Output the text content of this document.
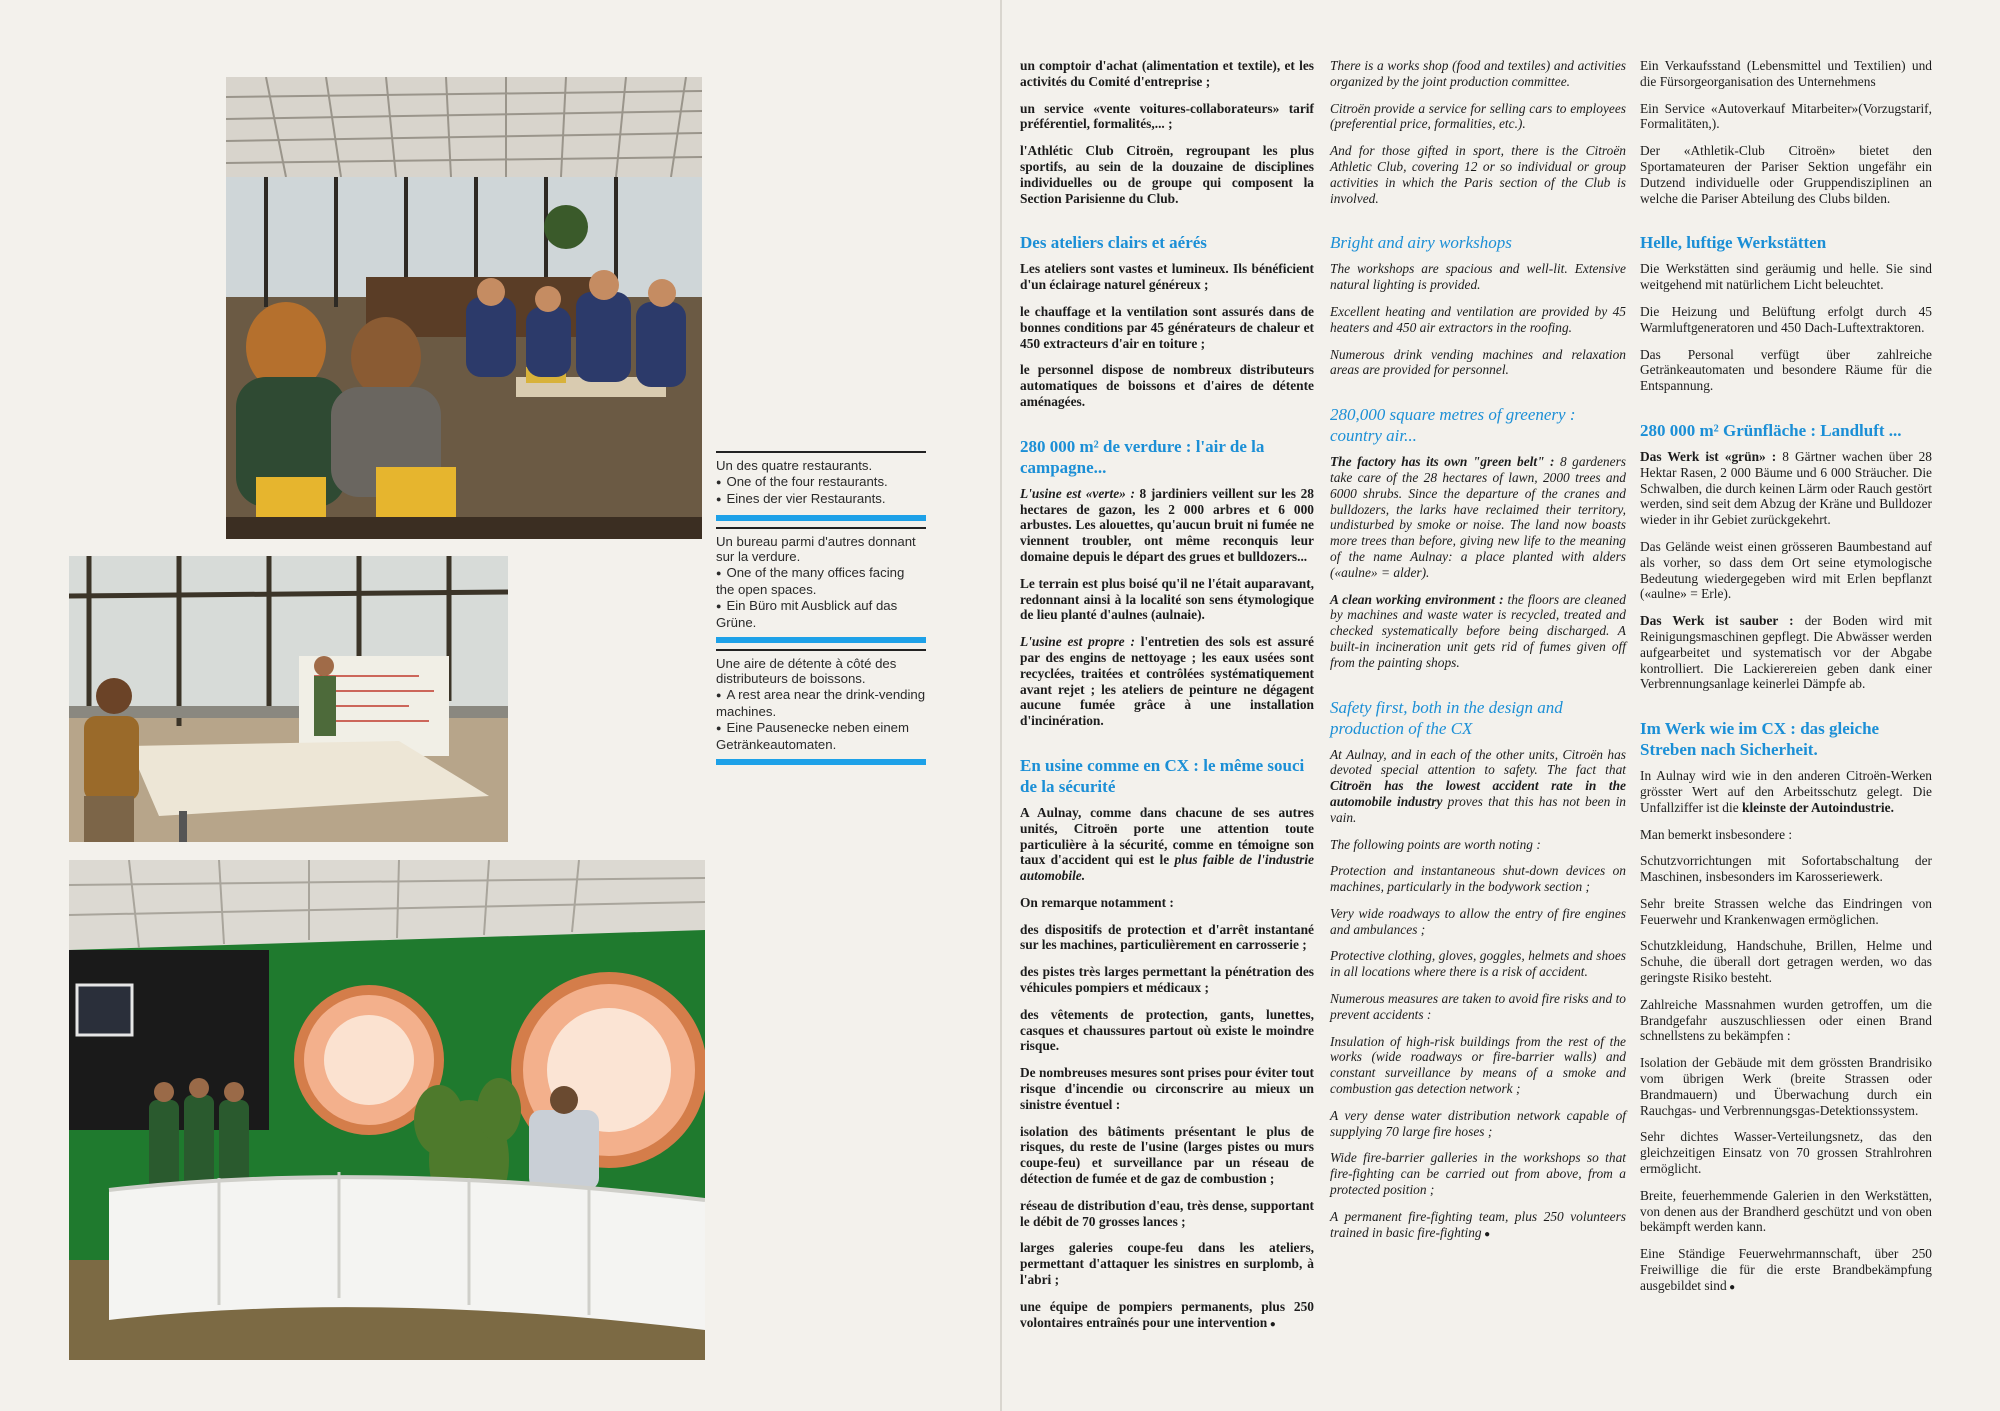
Un des quatre restaurants.
● One of the four restaurants.
● Eines der vier Restaurants.
Un bureau parmi d'autres donnant sur la verdure.
● One of the many offices facing the open spaces.
● Ein Büro mit Ausblick auf das Grüne.
Une aire de détente à côté des distributeurs de boissons.
● A rest area near the drink-vending machines.
● Eine Pausenecke neben einem Getränkeautomaten.

un comptoir d'achat (alimentation et textile), et les activités du Comité d'entreprise ;

un service «vente voitures-collaborateurs» tarif préférentiel, formalités,... ;

l'Athlétic Club Citroën, regroupant les plus sportifs, au sein de la douzaine de disciplines individuelles ou de groupe qui composent la Section Parisienne du Club.

Des ateliers clairs et aérés

Les ateliers sont vastes et lumineux. Ils bénéficient d'un éclairage naturel généreux ;

le chauffage et la ventilation sont assurés dans de bonnes conditions par 45 générateurs de chaleur et 450 extracteurs d'air en toiture ;

le personnel dispose de nombreux distributeurs automatiques de boissons et d'aires de détente aménagées.

280 000 m² de verdure : l'air de la campagne...

L'usine est «verte» : 8 jardiniers veillent sur les 28 hectares de gazon, les 2 000 arbres et 6 000 arbustes. Les alouettes, qu'aucun bruit ni fumée ne viennent troubler, ont même reconquis leur domaine depuis le départ des grues et bulldozers...

Le terrain est plus boisé qu'il ne l'était auparavant, redonnant ainsi à la localité son sens étymologique de lieu planté d'aulnes (aulnaie).

L'usine est propre : l'entretien des sols est assuré par des engins de nettoyage ; les eaux usées sont recyclées, traitées et contrôlées systématiquement avant rejet ; les ateliers de peinture ne dégagent aucune fumée grâce à une installation d'incinération.

En usine comme en CX : le même souci de la sécurité

A Aulnay, comme dans chacune de ses autres unités, Citroën porte une attention toute particulière à la sécurité, comme en témoigne son taux d'accident qui est le plus faible de l'industrie automobile.

On remarque notamment :

des dispositifs de protection et d'arrêt instantané sur les machines, particulièrement en carrosserie ;

des pistes très larges permettant la pénétration des véhicules pompiers et médicaux ;

des vêtements de protection, gants, lunettes, casques et chaussures partout où existe le moindre risque.

De nombreuses mesures sont prises pour éviter tout risque d'incendie ou circonscrire au mieux un sinistre éventuel :

isolation des bâtiments présentant le plus de risques, du reste de l'usine (larges pistes ou murs coupe-feu) et surveillance par un réseau de détection de fumée et de gaz de combustion ;

réseau de distribution d'eau, très dense, supportant le débit de 70 grosses lances ;

larges galeries coupe-feu dans les ateliers, permettant d'attaquer les sinistres en surplomb, à l'abri ;

une équipe de pompiers permanents, plus 250 volontaires entraînés pour une intervention ●

There is a works shop (food and textiles) and activities organized by the joint production committee.

Citroën provide a service for selling cars to employees (preferential price, formalities, etc.).

And for those gifted in sport, there is the Citroën Athletic Club, covering 12 or so individual or group activities in which the Paris section of the Club is involved.

Bright and airy workshops

The workshops are spacious and well-lit. Extensive natural lighting is provided.

Excellent heating and ventilation are provided by 45 heaters and 450 air extractors in the roofing.

Numerous drink vending machines and relaxation areas are provided for personnel.

280,000 square metres of greenery : country air...

The factory has its own "green belt" : 8 gardeners take care of the 28 hectares of lawn, 2000 trees and 6000 shrubs. Since the departure of the cranes and bulldozers, the larks have reclaimed their territory, undisturbed by smoke or noise. The land now boasts more trees than before, giving new life to the meaning of the name Aulnay: a place planted with alders («aulne» = alder).

A clean working environment : the floors are cleaned by machines and waste water is recycled, treated and checked systematically before being discharged. A built-in incineration unit gets rid of fumes given off from the painting shops.

Safety first, both in the design and production of the CX

At Aulnay, and in each of the other units, Citroën has devoted special attention to safety. The fact that Citroën has the lowest accident rate in the automobile industry proves that this has not been in vain.

The following points are worth noting :

Protection and instantaneous shut-down devices on machines, particularly in the bodywork section ;

Very wide roadways to allow the entry of fire engines and ambulances ;

Protective clothing, gloves, goggles, helmets and shoes in all locations where there is a risk of accident.

Numerous measures are taken to avoid fire risks and to prevent accidents :

Insulation of high-risk buildings from the rest of the works (wide roadways or fire-barrier walls) and constant surveillance by means of a smoke and combustion gas detection network ;

A very dense water distribution network capable of supplying 70 large fire hoses ;

Wide fire-barrier galleries in the workshops so that fire-fighting can be carried out from above, from a protected position ;

A permanent fire-fighting team, plus 250 volunteers trained in basic fire-fighting ●

Ein Verkaufsstand (Lebensmittel und Textilien) und die Fürsorgeorganisation des Unternehmens

Ein Service «Autoverkauf Mitarbeiter»(Vorzugstarif, Formalitäten,).

Der «Athletik-Club Citroën» bietet den Sportamateuren der Pariser Sektion ungefähr ein Dutzend individuelle oder Gruppendisziplinen an welche die Pariser Abteilung des Clubs bilden.

Helle, luftige Werkstätten

Die Werkstätten sind geräumig und helle. Sie sind weitgehend mit natürlichem Licht beleuchtet.

Die Heizung und Belüftung erfolgt durch 45 Warmluftgeneratoren und 450 Dach-Luftextraktoren.

Das Personal verfügt über zahlreiche Getränkeautomaten und besondere Räume für die Entspannung.

280 000 m² Grünfläche : Landluft ...

Das Werk ist «grün» : 8 Gärtner wachen über 28 Hektar Rasen, 2 000 Bäume und 6 000 Sträucher. Die Schwalben, die durch keinen Lärm oder Rauch gestört werden, sind seit dem Abzug der Kräne und Bulldozer wieder in ihr Gebiet zurückgekehrt.

Das Gelände weist einen grösseren Baumbestand auf als vorher, so dass dem Ort seine etymologische Bedeutung wiedergegeben wird mit Erlen bepflanzt («aulne» = Erle).

Das Werk ist sauber : der Boden wird mit Reinigungsmaschinen gepflegt. Die Abwässer werden aufgearbeitet und systematisch vor der Abgabe kontrolliert. Die Lackierereien geben dank einer Verbrennungsanlage keinerlei Dämpfe ab.

Im Werk wie im CX : das gleiche Streben nach Sicherheit.

In Aulnay wird wie in den anderen Citroën-Werken grösster Wert auf den Arbeitsschutz gelegt. Die Unfallziffer ist die kleinste der Autoindustrie.

Man bemerkt insbesondere :

Schutzvorrichtungen mit Sofortabschaltung der Maschinen, insbesonders im Karosseriewerk.

Sehr breite Strassen welche das Eindringen von Feuerwehr und Krankenwagen ermöglichen.

Schutzkleidung, Handschuhe, Brillen, Helme und Schuhe, die überall dort getragen werden, wo das geringste Risiko besteht.

Zahlreiche Massnahmen wurden getroffen, um die Brandgefahr auszuschliessen oder einen Brand schnellstens zu bekämpfen :

Isolation der Gebäude mit dem grössten Brandrisiko vom übrigen Werk (breite Strassen oder Brandmauern) und Überwachung durch ein Rauchgas- und Verbrennungsgas-Detektionssystem.

Sehr dichtes Wasser-Verteilungsnetz, das den gleichzeitigen Einsatz von 70 grossen Strahlrohren ermöglicht.

Breite, feuerhemmende Galerien in den Werkstätten, von denen aus der Brandherd geschützt und von oben bekämpft werden kann.

Eine Ständige Feuerwehrmannschaft, über 250 Freiwillige die für die erste Brandbekämpfung ausgebildet sind ●
